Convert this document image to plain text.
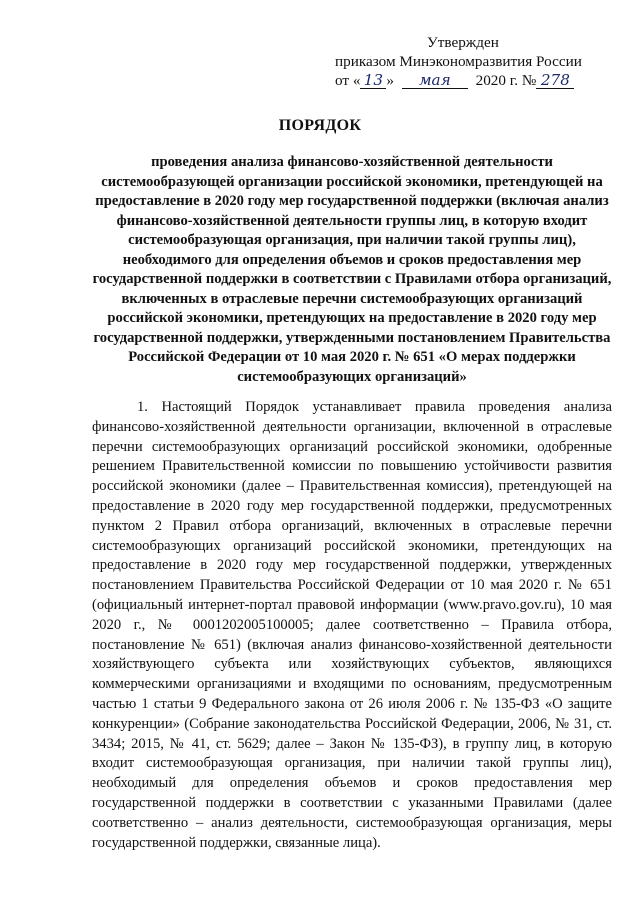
Утвержден
приказом Минэкономразвития России
от « 13 » мая 2020 г. № 278
ПОРЯДОК
проведения анализа финансово-хозяйственной деятельности системообразующей организации российской экономики, претендующей на предоставление в 2020 году мер государственной поддержки (включая анализ финансово-хозяйственной деятельности группы лиц, в которую входит системообразующая организация, при наличии такой группы лиц), необходимого для определения объемов и сроков предоставления мер государственной поддержки в соответствии с Правилами отбора организаций, включенных в отраслевые перечни системообразующих организаций российской экономики, претендующих на предоставление в 2020 году мер государственной поддержки, утвержденными постановлением Правительства Российской Федерации от 10 мая 2020 г. № 651 «О мерах поддержки системообразующих организаций»
1. Настоящий Порядок устанавливает правила проведения анализа финансово-хозяйственной деятельности организации, включенной в отраслевые перечни системообразующих организаций российской экономики, одобренные решением Правительственной комиссии по повышению устойчивости развития российской экономики (далее – Правительственная комиссия), претендующей на предоставление в 2020 году мер государственной поддержки, предусмотренных пунктом 2 Правил отбора организаций, включенных в отраслевые перечни системообразующих организаций российской экономики, претендующих на предоставление в 2020 году мер государственной поддержки, утвержденных постановлением Правительства Российской Федерации от 10 мая 2020 г. № 651 (официальный интернет-портал правовой информации (www.pravo.gov.ru), 10 мая 2020 г., № 0001202005100005; далее соответственно – Правила отбора, постановление № 651) (включая анализ финансово-хозяйственной деятельности хозяйствующего субъекта или хозяйствующих субъектов, являющихся коммерческими организациями и входящими по основаниям, предусмотренным частью 1 статьи 9 Федерального закона от 26 июля 2006 г. № 135-ФЗ «О защите конкуренции» (Собрание законодательства Российской Федерации, 2006, № 31, ст. 3434; 2015, № 41, ст. 5629; далее – Закон № 135-ФЗ), в группу лиц, в которую входит системообразующая организация, при наличии такой группы лиц), необходимый для определения объемов и сроков предоставления мер государственной поддержки в соответствии с указанными Правилами (далее соответственно – анализ деятельности, системообразующая организация, меры государственной поддержки, связанные лица).
